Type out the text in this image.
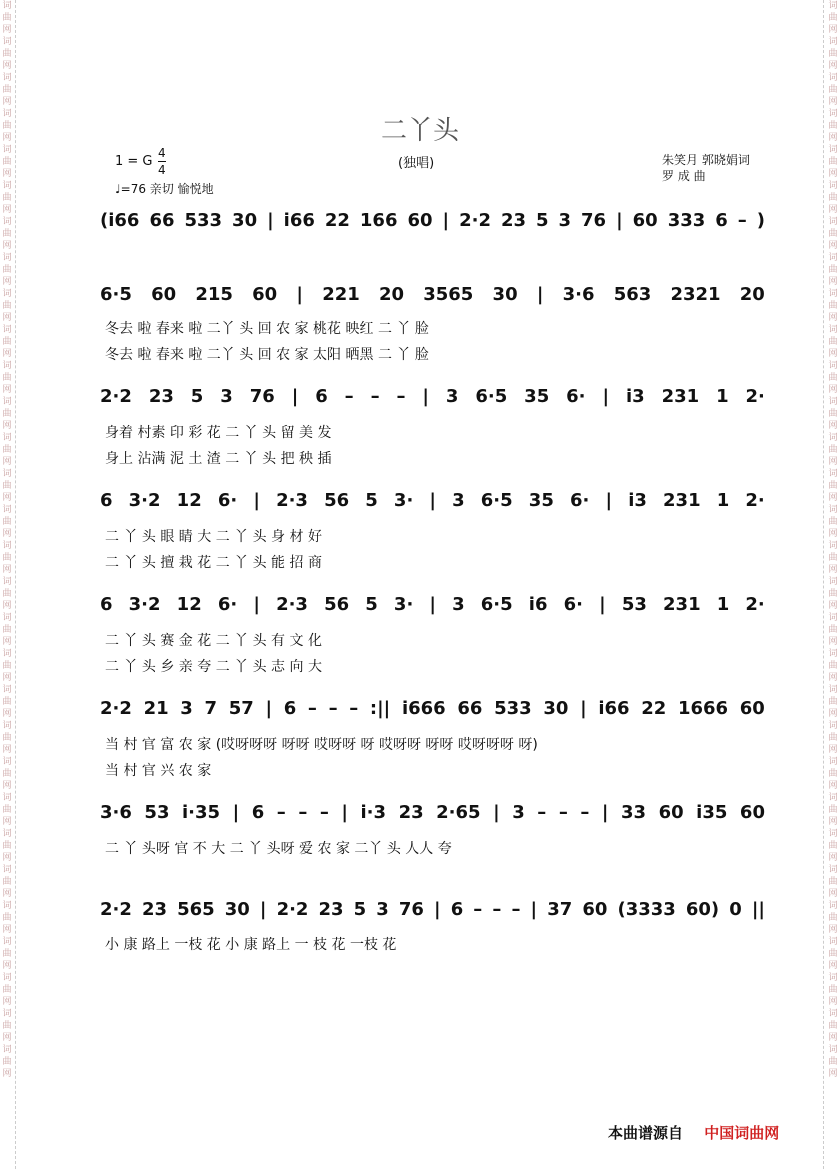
词曲网词曲网词曲网词曲网词曲网词曲网词曲网词曲网词曲网词曲网词曲网词曲网词曲网词曲网词曲网词曲网词曲网词曲网词曲网词曲网词曲网词曲网词曲网词曲网词曲网词曲网词曲网词曲网词曲网词曲网
词曲网词曲网词曲网词曲网词曲网词曲网词曲网词曲网词曲网词曲网词曲网词曲网词曲网词曲网词曲网词曲网词曲网词曲网词曲网词曲网词曲网词曲网词曲网词曲网词曲网词曲网词曲网词曲网词曲网词曲网
二丫头
(独唱)
1 = G
4
4
♩=76 亲切 愉悦地
朱笑月 郭晓娟词
罗 成 曲
(i66 66 533 30 | i66 22 166 60 | 2·2 23 5 3 76 | 60 333 6 – )
6·5 60 215 60 | 221 20 3565 30 | 3·6 563 2321 20
冬去 啦 春来 啦 二丫 头 回 农 家 桃花 映红 二 丫 脸
冬去 啦 春来 啦 二丫 头 回 农 家 太阳 晒黑 二 丫 脸
2·2 23 5 3 76 | 6 – – – | 3 6·5 35 6· | i3 231 1 2·
身着 村素 印 彩 花 二 丫 头 留 美 发
身上 沾满 泥 土 渣 二 丫 头 把 秧 插
6 3·2 12 6· | 2·3 56 5 3· | 3 6·5 35 6· | i3 231 1 2·
二 丫 头 眼 睛 大 二 丫 头 身 材 好
二 丫 头 擅 栽 花 二 丫 头 能 招 商
6 3·2 12 6· | 2·3 56 5 3· | 3 6·5 i6 6· | 53 231 1 2·
二 丫 头 赛 金 花 二 丫 头 有 文 化
二 丫 头 乡 亲 夸 二 丫 头 志 向 大
2·2 21 3 7 57 | 6 – – – :|| i666 66 533 30 | i66 22 1666 60
当 村 官 富 农 家 (哎呀呀呀 呀呀 哎呀呀 呀 哎呀呀 呀呀 哎呀呀呀 呀)
当 村 官 兴 农 家
3·6 53 i·35 | 6 – – – | i·3 23 2·65 | 3 – – – | 33 60 i35 60
二 丫 头呀 官 不 大 二 丫 头呀 爱 农 家 二丫 头 人人 夸
2·2 23 565 30 | 2·2 23 5 3 76 | 6 – – – | 37 60 (3333 60) 0 ||
小 康 路上 一枝 花 小 康 路上 一 枝 花 一枝 花
本曲谱源自 中国词曲网
